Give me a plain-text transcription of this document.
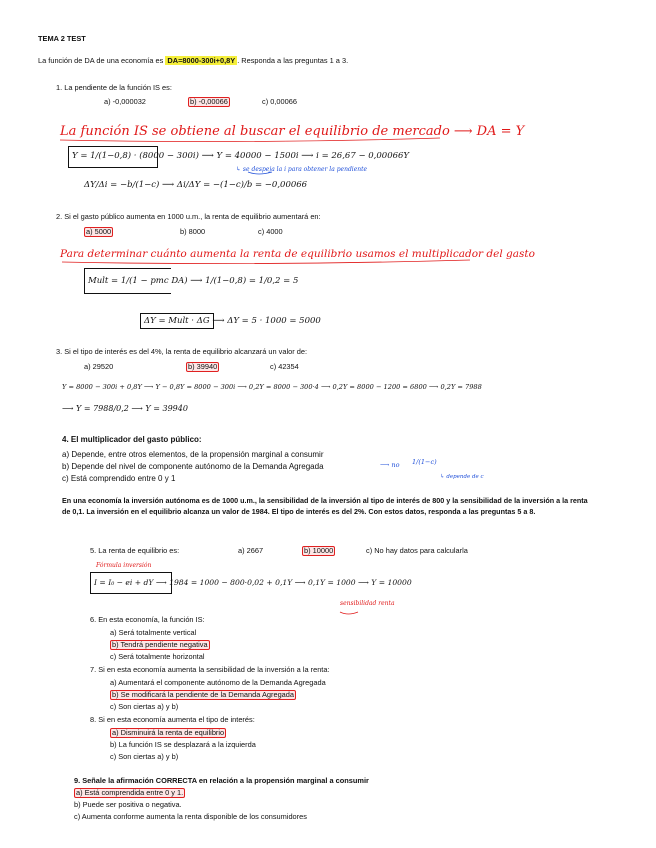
TEMA 2 TEST
La función de DA de una economía es DA=8000-300i+0,8Y . Responda a las preguntas 1 a 3.
1. La pendiente de la función IS es:
a) -0,000032	b) -0,00066	c) 0,00066
La función IS se obtiene al buscar el equilibrio de mercado ⟶ DA = Y
Y = 1/(1−0,8) · (8000 − 300i) ⟶ Y = 40000 − 1500i ⟶ i = 26,67 − 0,00066Y
↳ se despeja la i para obtener la pendiente
ΔY/Δi = −b/(1−c) ⟶ Δi/ΔY = −(1−c)/b = −0,00066
2. Si el gasto público aumenta en 1000 u.m., la renta de equilibrio aumentará en:
a) 5000	b) 8000	c) 4000
Para determinar cuánto aumenta la renta de equilibrio usamos el multiplicador del gasto
Mult = 1/(1 − pmc DA) ⟶ 1/(1−0,8) = 1/0,2 = 5
ΔY = Mult · ΔG ⟶ ΔY = 5 · 1000 = 5000
3. Si el tipo de interés es del 4%, la renta de equilibrio alcanzará un valor de:
a) 29520	b) 39940	c) 42354
Y = 8000 − 300i + 0,8Y ⟶ Y − 0,8Y = 8000 − 300i ⟶ 0,2Y = 8000 − 300·4 ⟶ 0,2Y = 8000 − 1200 = 6800 ⟶ 0,2Y = 7988
⟶ Y = 7988/0,2 ⟶ Y = 39940
4. El multiplicador del gasto público:
a) Depende, entre otros elementos, de la propensión marginal a consumir
b) Depende del nivel de componente autónomo de la Demanda Agregada	⟶ no 1/(1−c)
c) Está comprendido entre 0 y 1	↳ depende de c
En una economía la inversión autónoma es de 1000 u.m., la sensibilidad de la inversión al tipo de interés de 800 y la sensibilidad de la inversión a la renta de 0,1. La inversión en el equilibrio alcanza un valor de 1984. El tipo de interés es del 2%. Con estos datos, responda a las preguntas 5 a 8.
5. La renta de equilibrio es:	a) 2667	b) 10000	c) No hay datos para calcularla
Fórmula inversión
I = I₀ − ei + dY ⟶ 1984 = 1000 − 800·0,02 + 0,1Y ⟶ 0,1Y = 1000 ⟶ Y = 10000
sensibilidad renta
6. En esta economía, la función IS:
a) Será totalmente vertical
b) Tendrá pendiente negativa
c) Será totalmente horizontal
7. Si en esta economía aumenta la sensibilidad de la inversión a la renta:
a) Aumentará el componente autónomo de la Demanda Agregada
b) Se modificará la pendiente de la Demanda Agregada
c) Son ciertas a) y b)
8. Si en esta economía aumenta el tipo de interés:
a) Disminuirá la renta de equilibrio
b) La función IS se desplazará a la izquierda
c) Son ciertas a) y b)
9. Señale la afirmación CORRECTA en relación a la propensión marginal a consumir
a) Está comprendida entre 0 y 1.
b) Puede ser positiva o negativa.
c) Aumenta conforme aumenta la renta disponible de los consumidores
